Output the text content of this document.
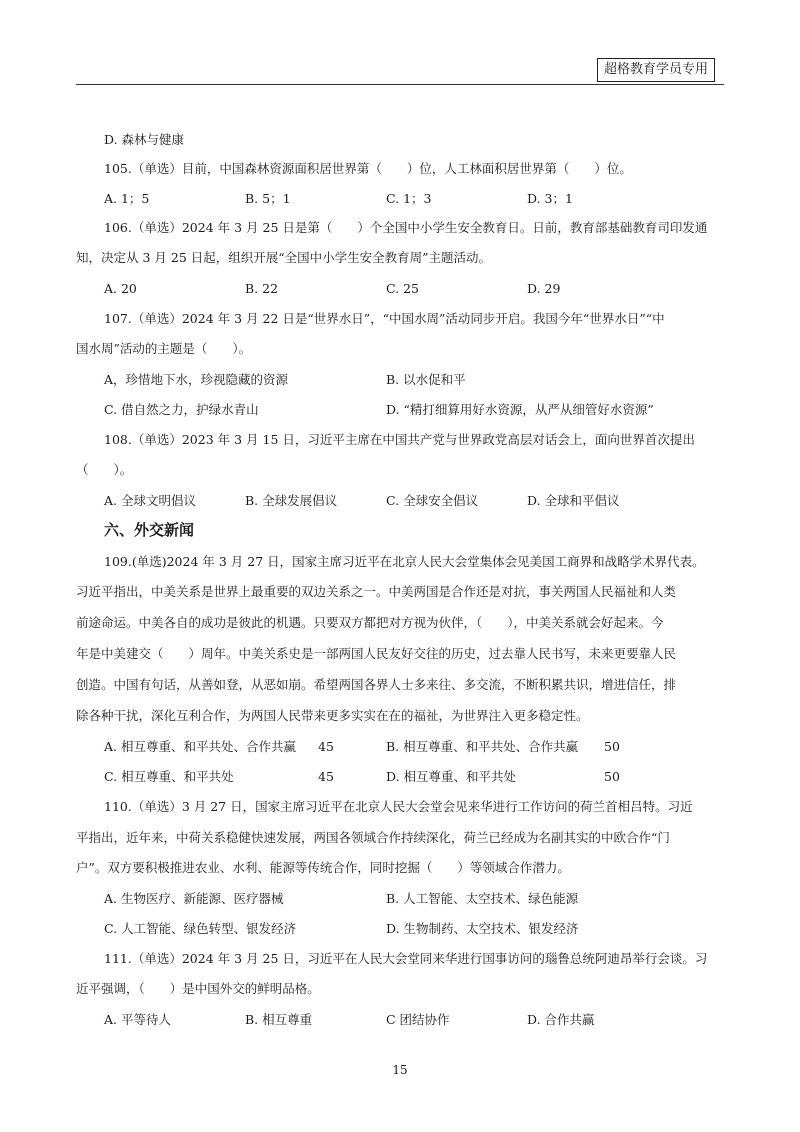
超格教育学员专用
D. 森林与健康
105.（单选）目前，中国森林资源面积居世界第（　　）位，人工林面积居世界第（　　）位。
A. 1；5	B. 5；1	C. 1；3	D. 3；1
106.（单选）2024 年 3 月 25 日是第（　　）个全国中小学生安全教育日。日前，教育部基础教育司印发通
知，决定从 3 月 25 日起，组织开展“全国中小学生安全教育周”主题活动。
A. 20	B. 22	C. 25	D. 29
107.（单选）2024 年 3 月 22 日是“世界水日”，“中国水周”活动同步开启。我国今年“世界水日”“中
国水周”活动的主题是（　　）。
A，珍惜地下水，珍视隐藏的资源	B. 以水促和平
C. 借自然之力，护绿水青山	D. “精打细算用好水资源，从严从细管好水资源”
108.（单选）2023 年 3 月 15 日，习近平主席在中国共产党与世界政党高层对话会上，面向世界首次提出
（　　）。
A. 全球文明倡议	B. 全球发展倡议	C. 全球安全倡议	D. 全球和平倡议
六、外交新闻
109.(单选)2024 年 3 月 27 日，国家主席习近平在北京人民大会堂集体会见美国工商界和战略学术界代表。
习近平指出，中美关系是世界上最重要的双边关系之一。中美两国是合作还是对抗，事关两国人民福祉和人类
前途命运。中美各自的成功是彼此的机遇。只要双方都把对方视为伙伴，（　　），中美关系就会好起来。今
年是中美建交（　　）周年。中美关系史是一部两国人民友好交往的历史，过去靠人民书写，未来更要靠人民
创造。中国有句话，从善如登，从恶如崩。希望两国各界人士多来往、多交流，不断积累共识，增进信任，排
除各种干扰，深化互利合作，为两国人民带来更多实实在在的福祉，为世界注入更多稳定性。
A. 相互尊重、和平共处、合作共赢 45	B. 相互尊重、和平共处、合作共赢 50
C. 相互尊重、和平共处	45	D. 相互尊重、和平共处	50
110.（单选）3 月 27 日，国家主席习近平在北京人民大会堂会见来华进行工作访问的荷兰首相吕特。习近
平指出，近年来，中荷关系稳健快速发展，两国各领域合作持续深化，荷兰已经成为名副其实的中欧合作“门
户”。双方要积极推进农业、水利、能源等传统合作，同时挖掘（　　）等领域合作潜力。
A. 生物医疗、新能源、医疗器械	B. 人工智能、太空技术、绿色能源
C. 人工智能、绿色转型、银发经济	D. 生物制药、太空技术、银发经济
111.（单选）2024 年 3 月 25 日，习近平在人民大会堂同来华进行国事访问的瑙鲁总统阿迪昂举行会谈。习
近平强调，（　　）是中国外交的鲜明品格。
A. 平等待人	B. 相互尊重	C 团结协作	D. 合作共赢
15
